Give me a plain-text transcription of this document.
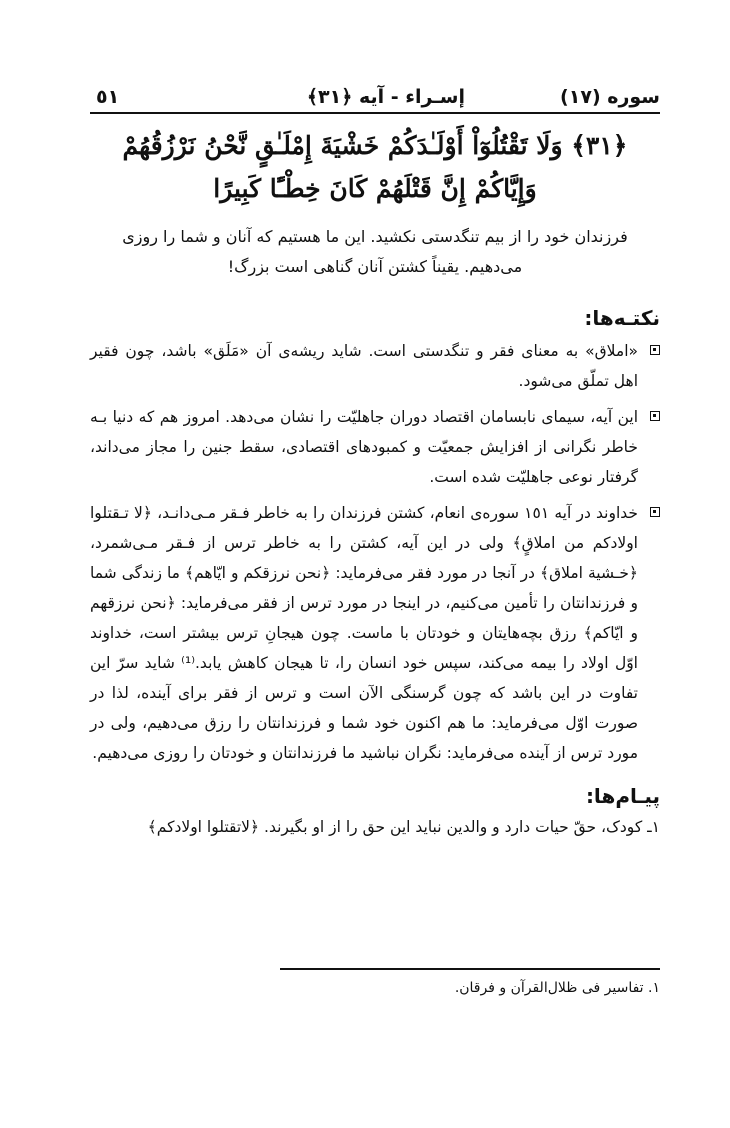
سوره (١٧)
إسـراء - آيه ﴿٣١﴾
٥١
﴿٣١﴾ وَلَا تَقْتُلُوٓاْ أَوْلَـٰدَكُمْ خَشْيَةَ إِمْلَـٰقٍ نَّحْنُ نَرْزُقُهُمْ وَإِيَّاكُمْ إِنَّ قَتْلَهُمْ كَانَ خِطْـًٔا كَبِيرًا
فرزندان خود را از بيم تنگدستی نكشيد. اين ما هستيم كه آنان و شما را روزی می‌دهيم. يقيناً كشتن آنان گناهی است بزرگ!
نكتـه‌ها:
«املاق» به معنای فقر و تنگدستی است. شايد ريشه‌ی آن «مَلَق» باشد، چون فقير اهل تملّق می‌شود.
اين آيه، سيمای نابسامان اقتصاد دوران جاهليّت را نشان می‌دهد. امروز هم كه دنيا بـه خاطر نگرانی از افزايش جمعيّت و كمبودهای اقتصادی، سقط جنين را مجاز می‌داند، گرفتار نوعی جاهليّت شده است.
خداوند در آيه ١٥١ سوره‌ی انعام، كشتن فرزندان را به خاطر فـقر مـی‌دانـد، ﴿لا تـقتلوا اولادكم من املاقٍ﴾ ولی در اين آيه، كشتن را به خاطر ترس از فـقر مـی‌شمرد، ﴿خـشية املاق﴾ در آنجا در مورد فقر می‌فرمايد: ﴿نحن نرزقكم و ايّاهم﴾ ما زندگی شما و فرزندانتان را تأمين می‌كنيم، در اينجا در مورد ترس از فقر می‌فرمايد: ﴿نحن نرزقهم و ايّاكم﴾ رزق بچه‌هايتان و خودتان با ماست. چون هيجانِ ترس بيشتر است، خداوند اوّل اولاد را بيمه می‌كند، سپس خود انسان را، تا هيجان كاهش يابد.⁽¹⁾ شايد سرّ اين تفاوت در اين باشد كه چون گرسنگی الآن است و ترس از فقر برای آينده، لذا در صورت اوّل می‌فرمايد: ما هم اكنون خود شما و فرزندانتان را رزق می‌دهيم، ولی در مورد ترس از آينده می‌فرمايد: نگران نباشيد ما فرزندانتان و خودتان را روزی می‌دهيم.
پيـام‌ها:
١ـ كودک، حقّ حيات دارد و والدين نبايد اين حق را از او بگيرند. ﴿لاتقتلوا اولادكم﴾
١. تفاسير فى ظلال‌القرآن و فرقان.
